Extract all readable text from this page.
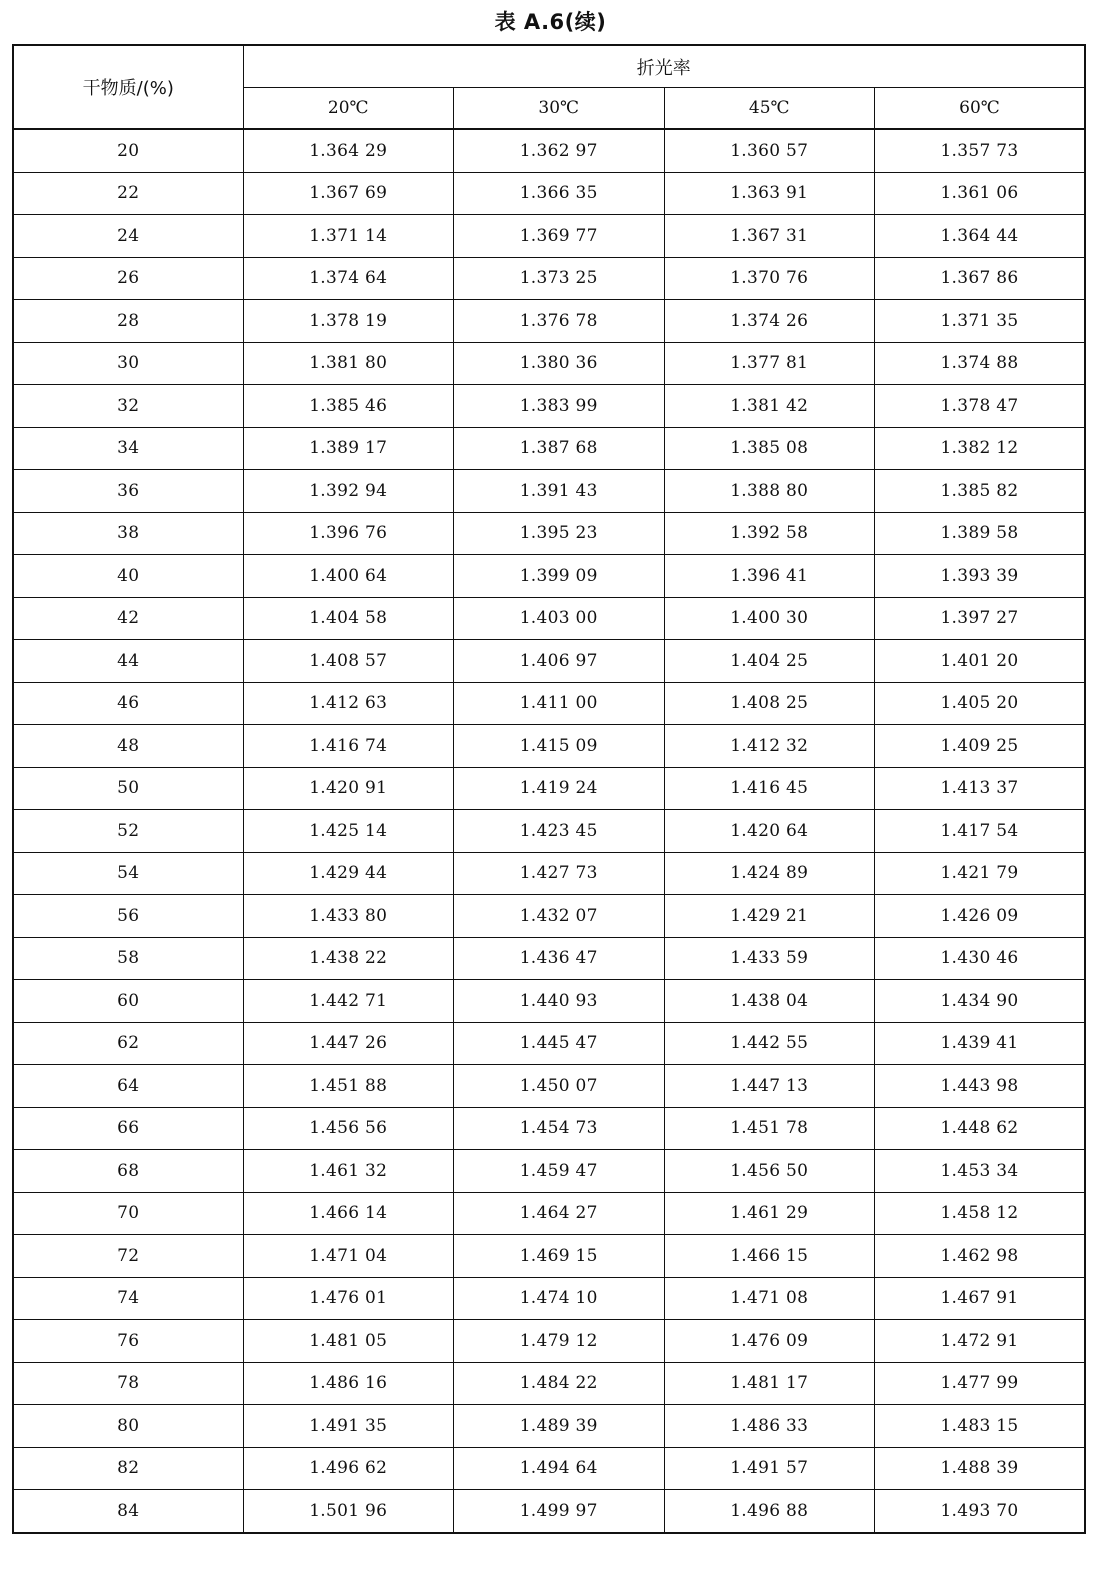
表 A.6(续)
干物质/(%)	折光率			
	20℃	30℃	45℃	60℃
20	1.364 29	1.362 97	1.360 57	1.357 73
22	1.367 69	1.366 35	1.363 91	1.361 06
24	1.371 14	1.369 77	1.367 31	1.364 44
26	1.374 64	1.373 25	1.370 76	1.367 86
28	1.378 19	1.376 78	1.374 26	1.371 35
30	1.381 80	1.380 36	1.377 81	1.374 88
32	1.385 46	1.383 99	1.381 42	1.378 47
34	1.389 17	1.387 68	1.385 08	1.382 12
36	1.392 94	1.391 43	1.388 80	1.385 82
38	1.396 76	1.395 23	1.392 58	1.389 58
40	1.400 64	1.399 09	1.396 41	1.393 39
42	1.404 58	1.403 00	1.400 30	1.397 27
44	1.408 57	1.406 97	1.404 25	1.401 20
46	1.412 63	1.411 00	1.408 25	1.405 20
48	1.416 74	1.415 09	1.412 32	1.409 25
50	1.420 91	1.419 24	1.416 45	1.413 37
52	1.425 14	1.423 45	1.420 64	1.417 54
54	1.429 44	1.427 73	1.424 89	1.421 79
56	1.433 80	1.432 07	1.429 21	1.426 09
58	1.438 22	1.436 47	1.433 59	1.430 46
60	1.442 71	1.440 93	1.438 04	1.434 90
62	1.447 26	1.445 47	1.442 55	1.439 41
64	1.451 88	1.450 07	1.447 13	1.443 98
66	1.456 56	1.454 73	1.451 78	1.448 62
68	1.461 32	1.459 47	1.456 50	1.453 34
70	1.466 14	1.464 27	1.461 29	1.458 12
72	1.471 04	1.469 15	1.466 15	1.462 98
74	1.476 01	1.474 10	1.471 08	1.467 91
76	1.481 05	1.479 12	1.476 09	1.472 91
78	1.486 16	1.484 22	1.481 17	1.477 99
80	1.491 35	1.489 39	1.486 33	1.483 15
82	1.496 62	1.494 64	1.491 57	1.488 39
84	1.501 96	1.499 97	1.496 88	1.493 70
